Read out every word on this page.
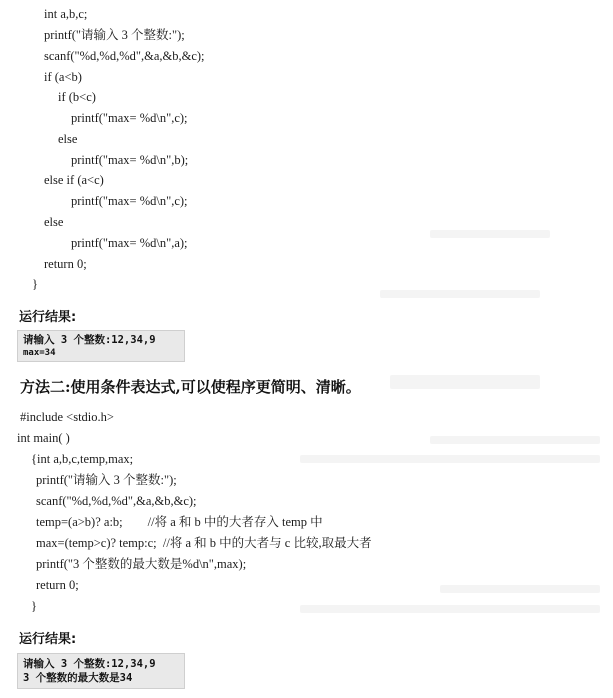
int a,b,c;
printf("请输入 3 个整数:");
scanf("%d,%d,%d",&a,&b,&c);
if (a<b)
if (b<c)
printf("max= %d\n",c);
else
printf("max= %d\n",b);
else if (a<c)
printf("max= %d\n",c);
else
printf("max= %d\n",a);
return 0;
}
运行结果:
请输入 3 个整数:12,34,9
max=34
方法二:使用条件表达式,可以使程序更简明、清晰。
#include <stdio.h>
int main( )
{int a,b,c,temp,max;
printf("请输入 3 个整数:");
scanf("%d,%d,%d",&a,&b,&c);
temp=(a>b)? a:b;        //将 a 和 b 中的大者存入 temp 中
max=(temp>c)? temp:c;  //将 a 和 b 中的大者与 c 比较,取最大者
printf("3 个整数的最大数是%d\n",max);
return 0;
}
运行结果:
请输入 3 个整数:12,34,9
3 个整数的最大数是34
